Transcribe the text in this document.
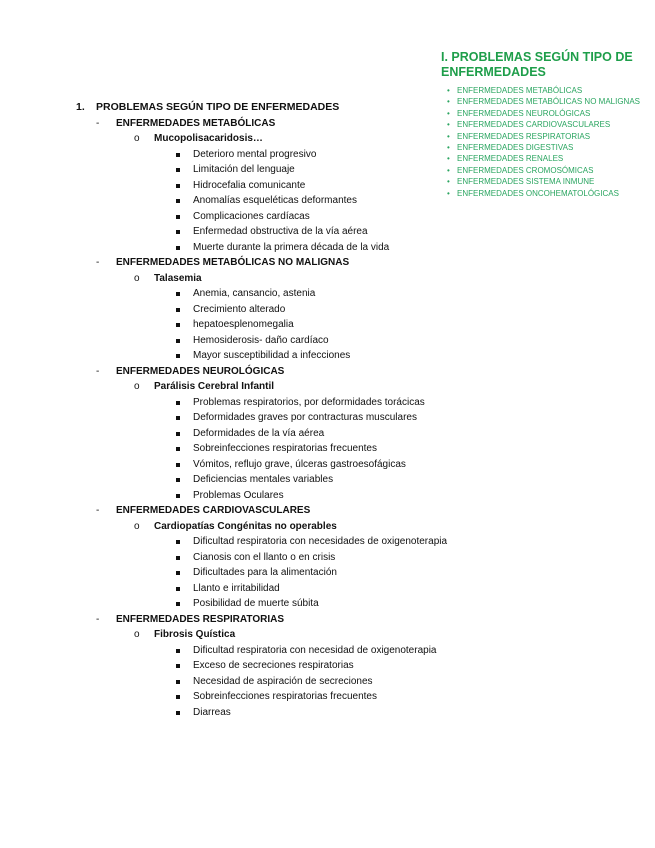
I. PROBLEMAS SEGÚN TIPO DE ENFERMEDADES
• ENFERMEDADES METABÓLICAS
• ENFERMEDADES METABÓLICAS NO MALIGNAS
• ENFERMEDADES NEUROLÓGICAS
• ENFERMEDADES CARDIOVASCULARES
• ENFERMEDADES RESPIRATORIAS
• ENFERMEDADES DIGESTIVAS
• ENFERMEDADES RENALES
• ENFERMEDADES CROMOSÓMICAS
• ENFERMEDADES SISTEMA INMUNE
• ENFERMEDADES ONCOHEMATOLÓGICAS
1. PROBLEMAS SEGÚN TIPO DE ENFERMEDADES
- ENFERMEDADES METABÓLICAS
o Mucopolisacaridosis…
Deterioro mental progresivo
Limitación del lenguaje
Hidrocefalia comunicante
Anomalías esqueléticas deformantes
Complicaciones cardíacas
Enfermedad obstructiva de la vía aérea
Muerte durante la primera década de la vida
- ENFERMEDADES METABÓLICAS NO MALIGNAS
o Talasemia
Anemia, cansancio, astenia
Crecimiento alterado
hepatoesplenomegalia
Hemosiderosis- daño cardíaco
Mayor susceptibilidad a infecciones
- ENFERMEDADES NEUROLÓGICAS
o Parálisis Cerebral Infantil
Problemas respiratorios, por deformidades torácicas
Deformidades graves por contracturas musculares
Deformidades de la vía aérea
Sobreinfecciones respiratorias frecuentes
Vómitos, reflujo grave, úlceras gastroesofágicas
Deficiencias mentales variables
Problemas Oculares
- ENFERMEDADES CARDIOVASCULARES
o Cardiopatías Congénitas no operables
Dificultad respiratoria con necesidades de oxigenoterapia
Cianosis con el llanto o en crisis
Dificultades para la alimentación
Llanto e irritabilidad
Posibilidad de muerte súbita
- ENFERMEDADES RESPIRATORIAS
o Fibrosis Quística
Dificultad respiratoria con necesidad de oxigenoterapia
Exceso de secreciones respiratorias
Necesidad de aspiración de secreciones
Sobreinfecciones respiratorias frecuentes
Diarreas
